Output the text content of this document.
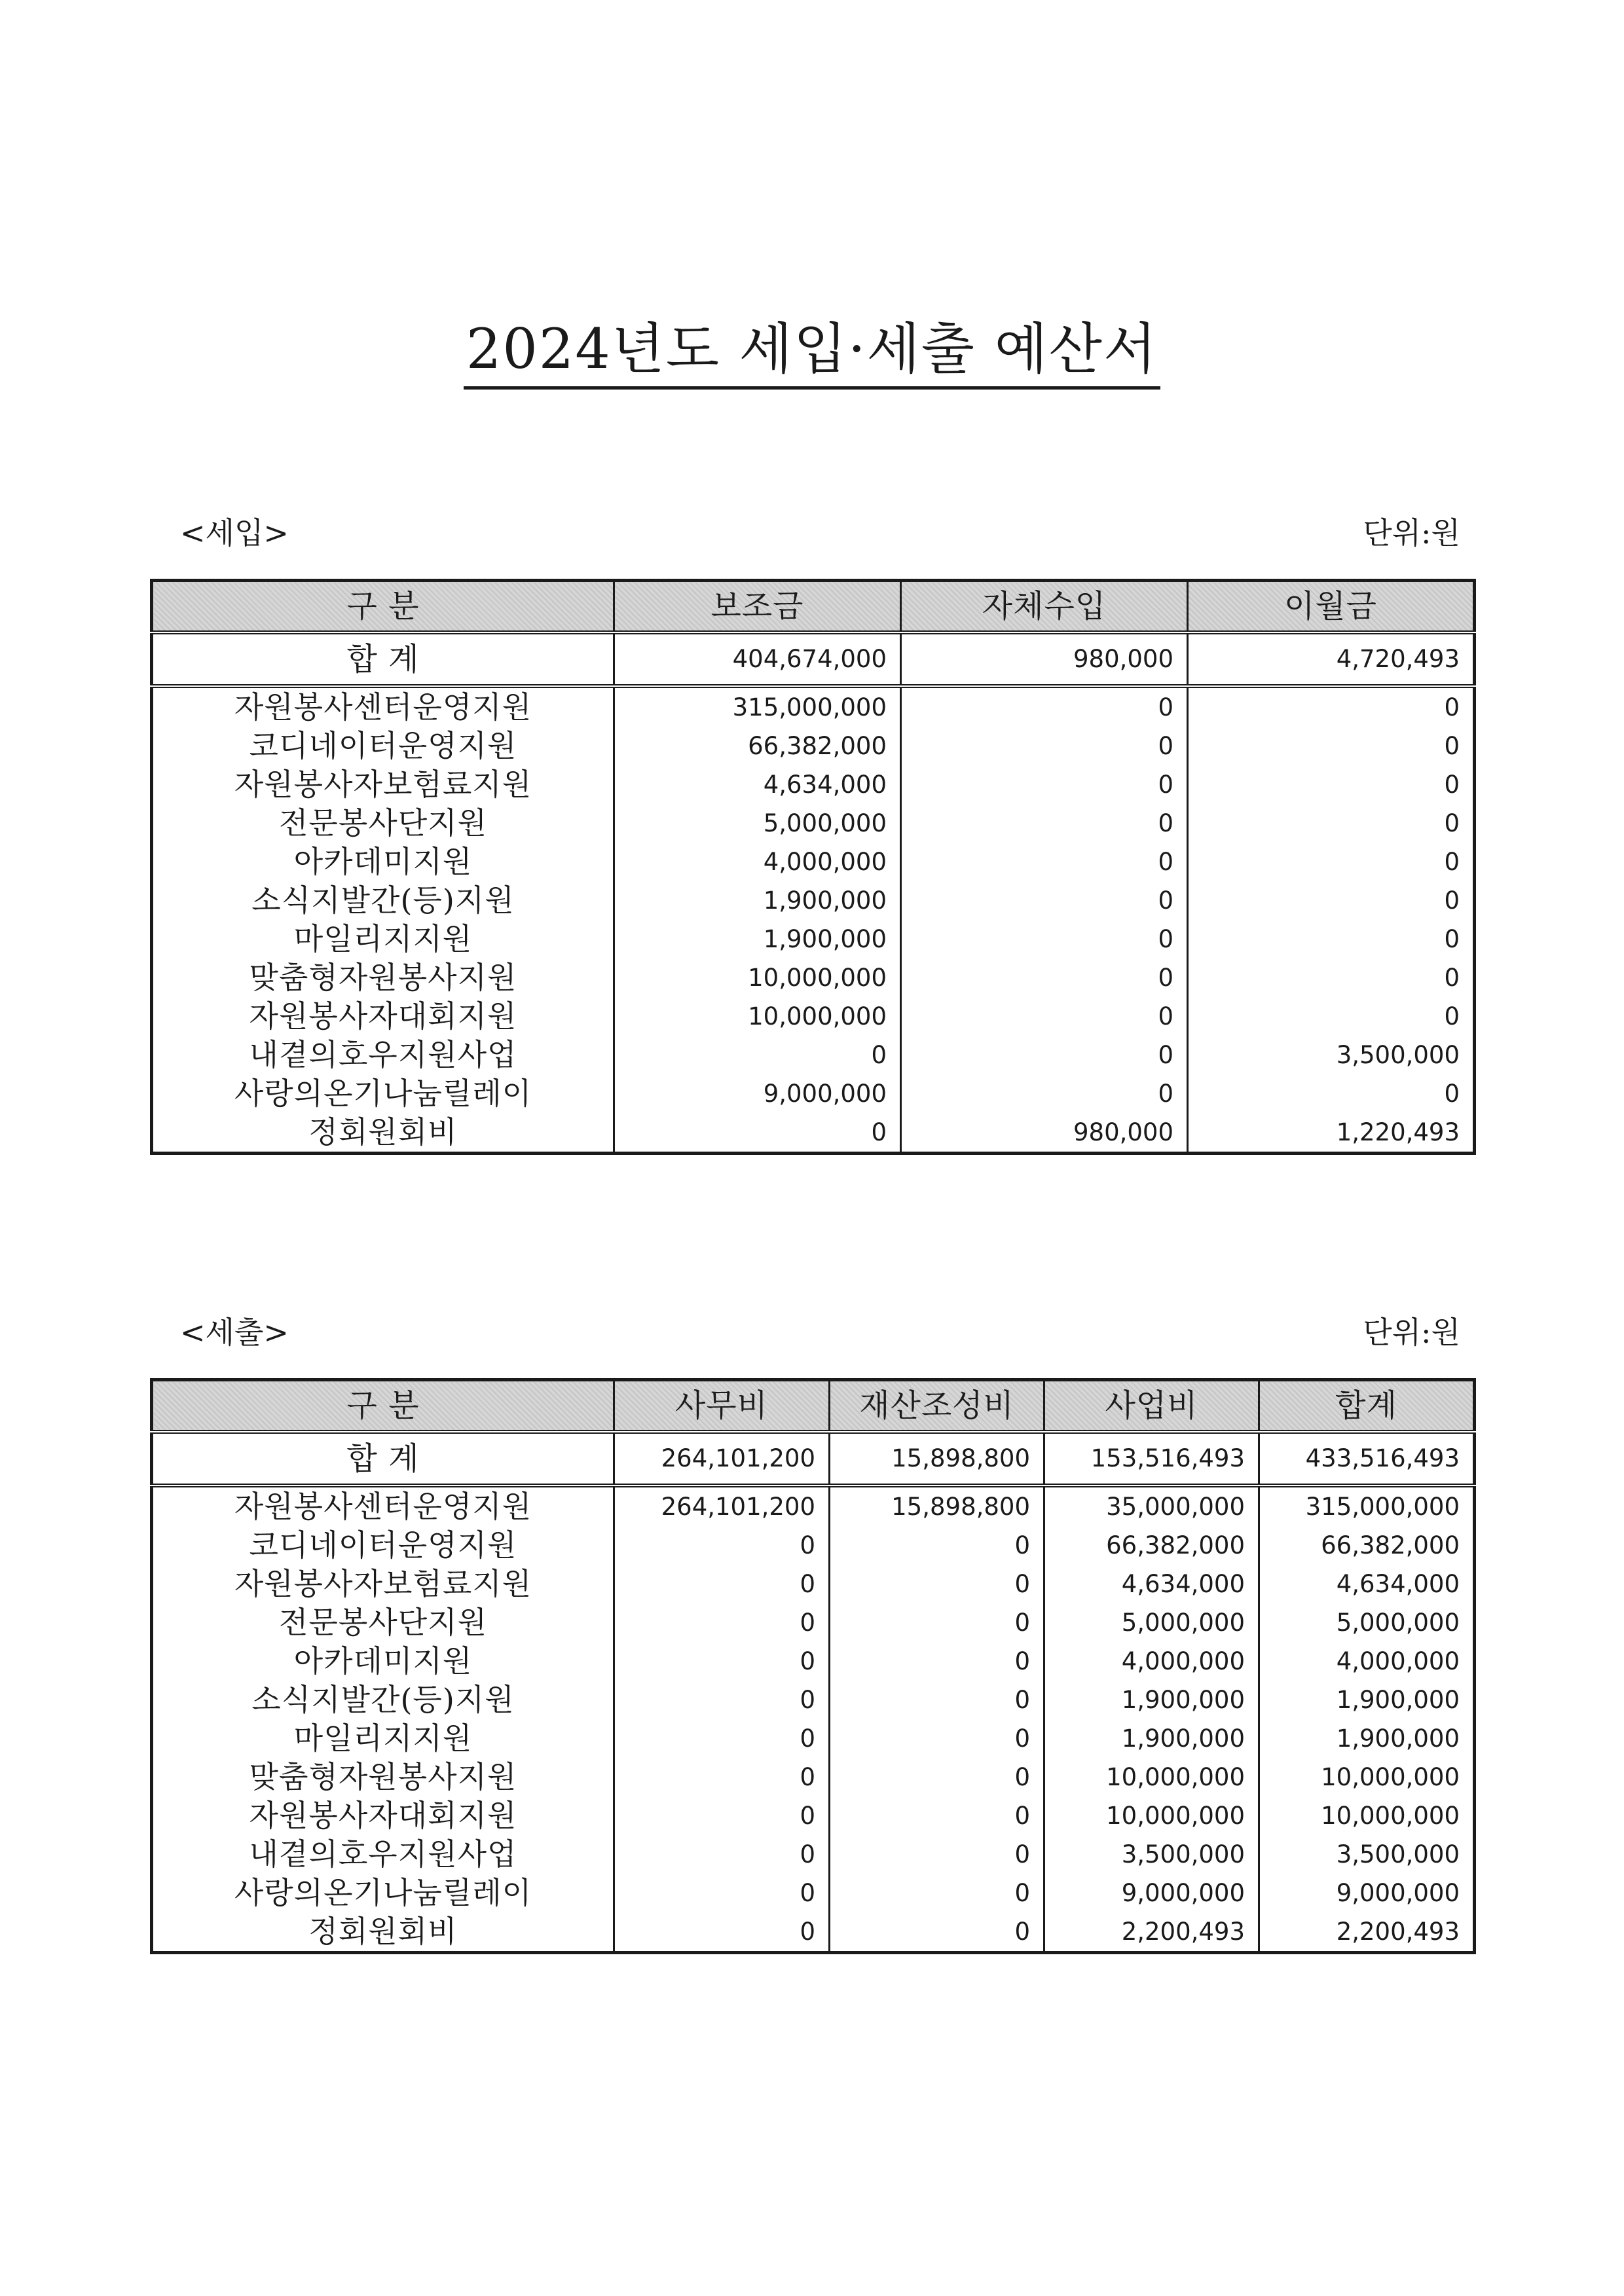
2024년도 세입·세출 예산서
<세입>	단위:원
구 분	보조금	자체수입	이월금
합 계	404,674,000	980,000	4,720,493
자원봉사센터운영지원	315,000,000	0	0
코디네이터운영지원	66,382,000	0	0
자원봉사자보험료지원	4,634,000	0	0
전문봉사단지원	5,000,000	0	0
아카데미지원	4,000,000	0	0
소식지발간(등)지원	1,900,000	0	0
마일리지지원	1,900,000	0	0
맞춤형자원봉사지원	10,000,000	0	0
자원봉사자대회지원	10,000,000	0	0
내곁의호우지원사업	0	0	3,500,000
사랑의온기나눔릴레이	9,000,000	0	0
정회원회비	0	980,000	1,220,493
<세출>	단위:원
구 분	사무비	재산조성비	사업비	합계
합 계	264,101,200	15,898,800	153,516,493	433,516,493
자원봉사센터운영지원	264,101,200	15,898,800	35,000,000	315,000,000
코디네이터운영지원	0	0	66,382,000	66,382,000
자원봉사자보험료지원	0	0	4,634,000	4,634,000
전문봉사단지원	0	0	5,000,000	5,000,000
아카데미지원	0	0	4,000,000	4,000,000
소식지발간(등)지원	0	0	1,900,000	1,900,000
마일리지지원	0	0	1,900,000	1,900,000
맞춤형자원봉사지원	0	0	10,000,000	10,000,000
자원봉사자대회지원	0	0	10,000,000	10,000,000
내곁의호우지원사업	0	0	3,500,000	3,500,000
사랑의온기나눔릴레이	0	0	9,000,000	9,000,000
정회원회비	0	0	2,200,493	2,200,493
